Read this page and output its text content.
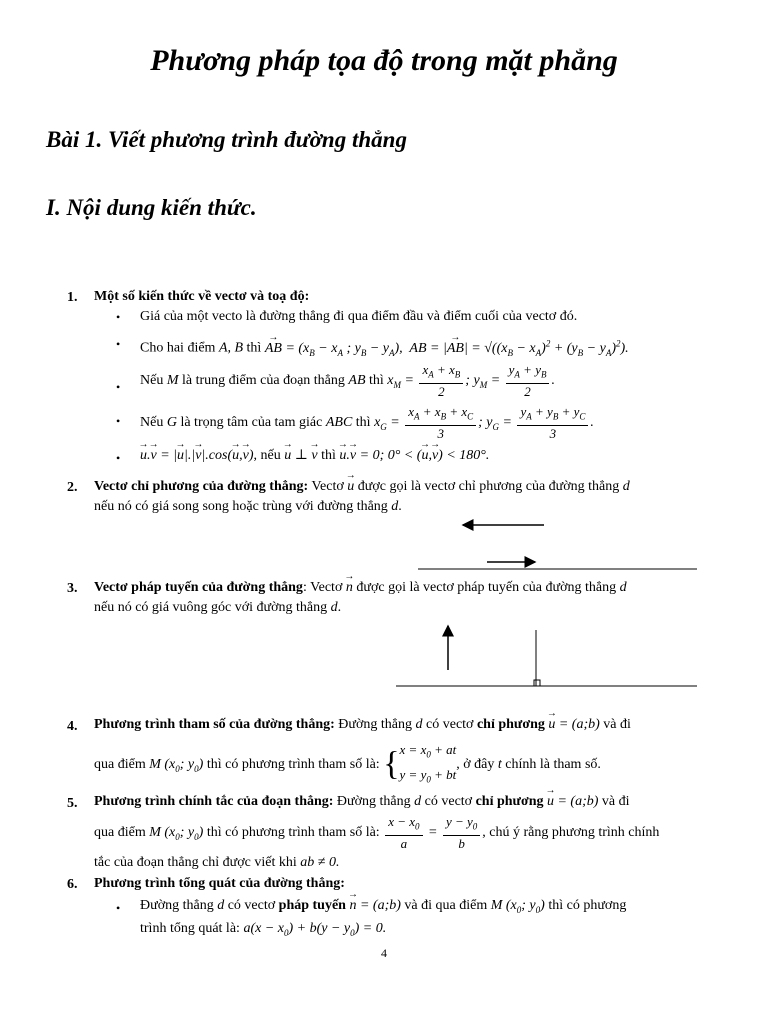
Phương pháp tọa độ trong mặt phẳng
Bài 1. Viết phương trình đường thẳng
I. Nội dung kiến thức.
1. Một số kiến thức về vectơ và toạ độ:
• Giá của một vecto là đường thẳng đi qua điểm đầu và điểm cuối của vectơ đó.
• Cho hai điểm A, B thì → AB = ($x_B - x_A$ ; $y_B - y_A$),  AB = |→ $AB| = √((x_B - x_A)^2 + (y_B - y_A)^2)$.
• Nếu M là trung điểm của đoạn thẳng AB thì $x_M = \frac{x_A + x_B}{2}$ ; $y_M = \frac{y_A + y_B}{2}$ .
• Nếu G là trọng tâm của tam giác ABC thì $x_G = \frac{x_A + x_B + x_C}{3}$ ; $y_G = \frac{y_A + y_B + y_C}{3}$ .
• → u.→ v = |→ u|.|→ v|.cos(→ u,→ v), nếu → u ⊥ → v thì → u.→ v = 0; 0° < (→ u,→ v) < 180°.
2. Vectơ chỉ phương của đường thẳng: Vectơ → u được gọi là vectơ chỉ phương của đường thẳng d
nếu nó có giá song song hoặc trùng với đường thẳng d.
3. Vectơ pháp tuyến của đường thẳng: Vectơ → n được gọi là vectơ pháp tuyến của đường thẳng d
nếu nó có giá vuông góc với đường thẳng d.
4. Phương trình tham số của đường thẳng: Đường thẳng d có vectơ chỉ phương → u = (a;b) và đi
qua điểm M ($x_0$; $y_0$) thì có phương trình tham số là: {$x = x_0$ + at
$y = y_0$ + bt, ở đây t chính là tham số.
5. Phương trình chính tắc của đoạn thẳng: Đường thẳng d có vectơ chỉ phương → u = (a;b) và đi
qua điểm M ($x_0$; $y_0$) thì có phương trình tham số là: $\frac{x - x_0}{a} = \frac{y - y_0}{b}$ , chú ý rằng phương trình chính
tắc của đoạn thẳng chỉ được viết khi ab ≠ 0.
6. Phương trình tổng quát của đường thẳng:
• Đường thẳng d có vectơ pháp tuyến → n = (a;b) và đi qua điểm M ($x_0$; $y_0$) thì có phương
trình tổng quát là: $a(x - x_0) + b(y - y_0) = 0$.
4
